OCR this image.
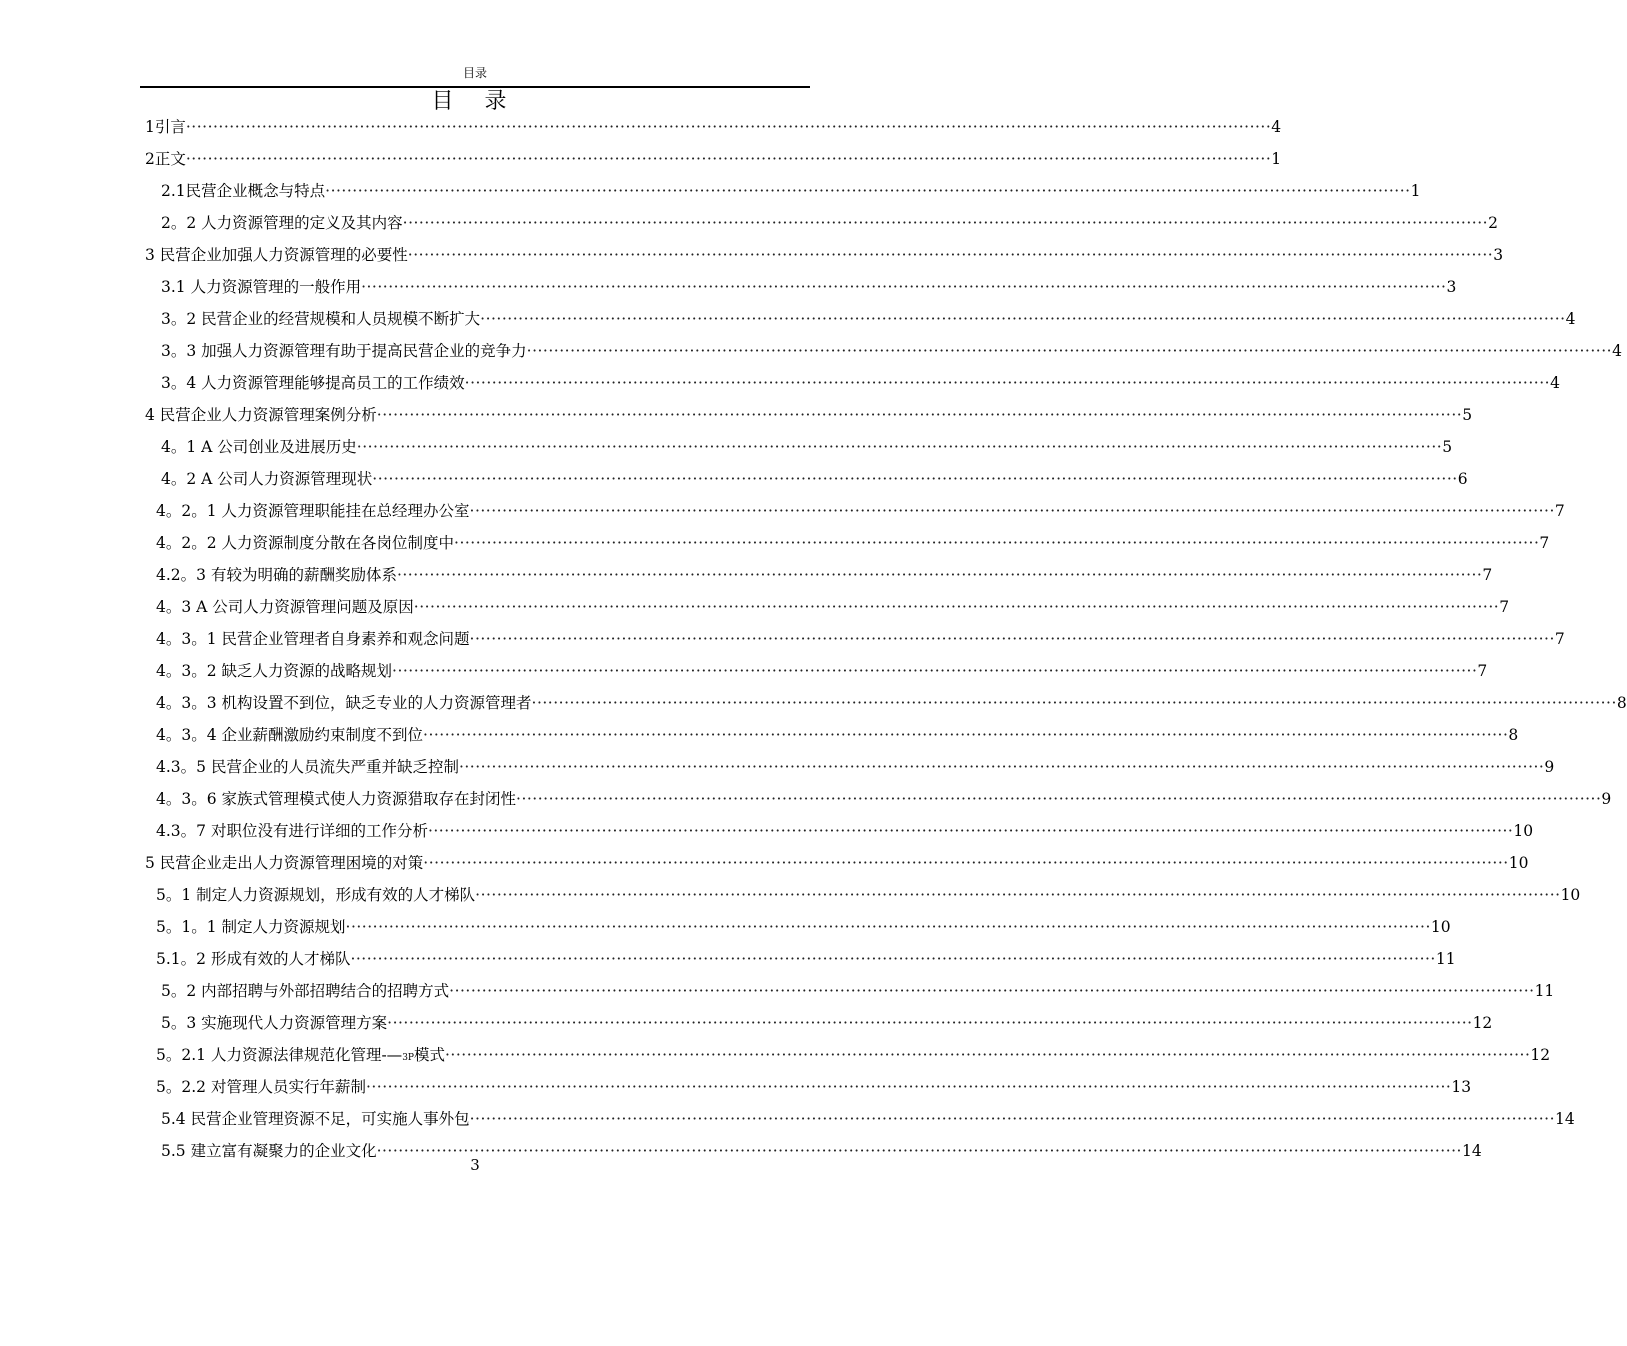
目录
目 录
1引言 ········································································································································································································ 4
2正文 ········································································································································································································ 1
2.1民营企业概念与特点 ········································································································································································································ 1
2。2 人力资源管理的定义及其内容 ········································································································································································································ 2
3 民营企业加强人力资源管理的必要性 ········································································································································································································ 3
3.1 人力资源管理的一般作用 ········································································································································································································ 3
3。2 民营企业的经营规模和人员规模不断扩大 ········································································································································································································ 4
3。3 加强人力资源管理有助于提高民营企业的竞争力 ········································································································································································································ 4
3。4 人力资源管理能够提高员工的工作绩效 ········································································································································································································ 4
4 民营企业人力资源管理案例分析 ········································································································································································································ 5
4。1 A 公司创业及进展历史 ········································································································································································································ 5
4。2 A 公司人力资源管理现状 ········································································································································································································ 6
4。2。1 人力资源管理职能挂在总经理办公室 ········································································································································································································ 7
4。2。2 人力资源制度分散在各岗位制度中 ········································································································································································································ 7
4.2。3 有较为明确的薪酬奖励体系 ········································································································································································································ 7
4。3 A 公司人力资源管理问题及原因 ········································································································································································································ 7
4。3。1 民营企业管理者自身素养和观念问题 ········································································································································································································ 7
4。3。2 缺乏人力资源的战略规划 ········································································································································································································ 7
4。3。3 机构设置不到位，缺乏专业的人力资源管理者 ········································································································································································································ 8
4。3。4 企业薪酬激励约束制度不到位 ········································································································································································································ 8
4.3。5 民营企业的人员流失严重并缺乏控制 ········································································································································································································ 9
4。3。6 家族式管理模式使人力资源猎取存在封闭性 ········································································································································································································ 9
4.3。7 对职位没有进行详细的工作分析 ········································································································································································································ 10
5 民营企业走出人力资源管理困境的对策 ········································································································································································································ 10
5。1 制定人力资源规划，形成有效的人才梯队 ········································································································································································································ 10
5。1。1 制定人力资源规划 ········································································································································································································ 10
5.1。2 形成有效的人才梯队 ········································································································································································································ 11
5。2 内部招聘与外部招聘结合的招聘方式 ········································································································································································································ 11
5。3 实施现代人力资源管理方案 ········································································································································································································ 12
5。2.1 人力资源法律规范化管理-—3P模式 ········································································································································································································ 12
5。2.2 对管理人员实行年薪制 ········································································································································································································ 13
5.4 民营企业管理资源不足，可实施人事外包 ········································································································································································································ 14
5.5 建立富有凝聚力的企业文化 ········································································································································································································ 14
3
